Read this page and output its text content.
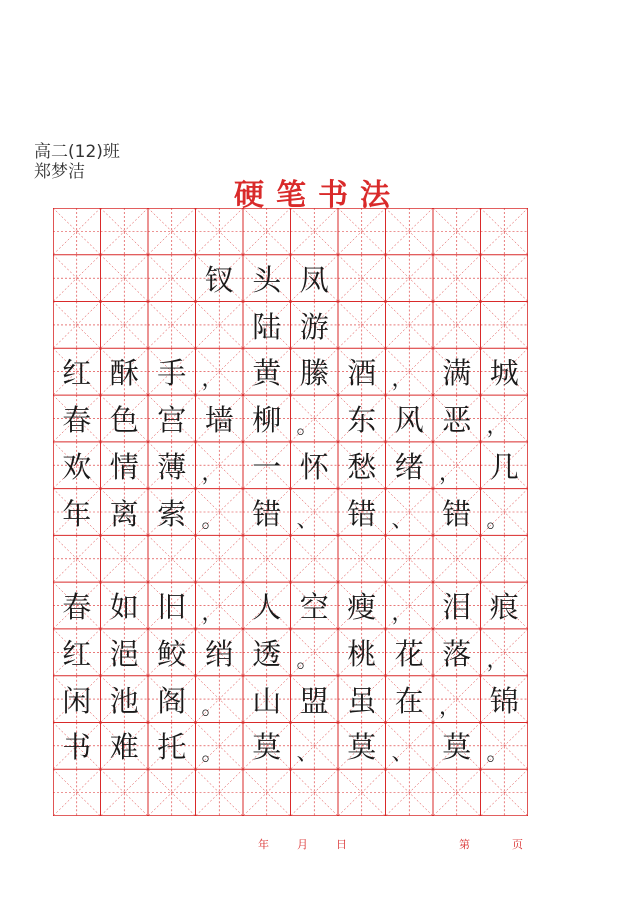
高二(12)班
郑梦洁
硬笔书法
钗 头 凤
陆 游
红 酥 手 ， 黄 縢 酒 ， 满 城
春 色 宫 墙 柳 。 东 风 恶 ，
欢 情 薄 ， 一 怀 愁 绪 ， 几
年 离 索 。 错 、 错 、 错 。
春 如 旧 ， 人 空 瘦 ， 泪 痕
红 浥 鲛 绡 透 。 桃 花 落 ，
闲 池 阁 。 山 盟 虽 在 ， 锦
书 难 托 。 莫 、 莫 、 莫 。
年	月	日	第	页
